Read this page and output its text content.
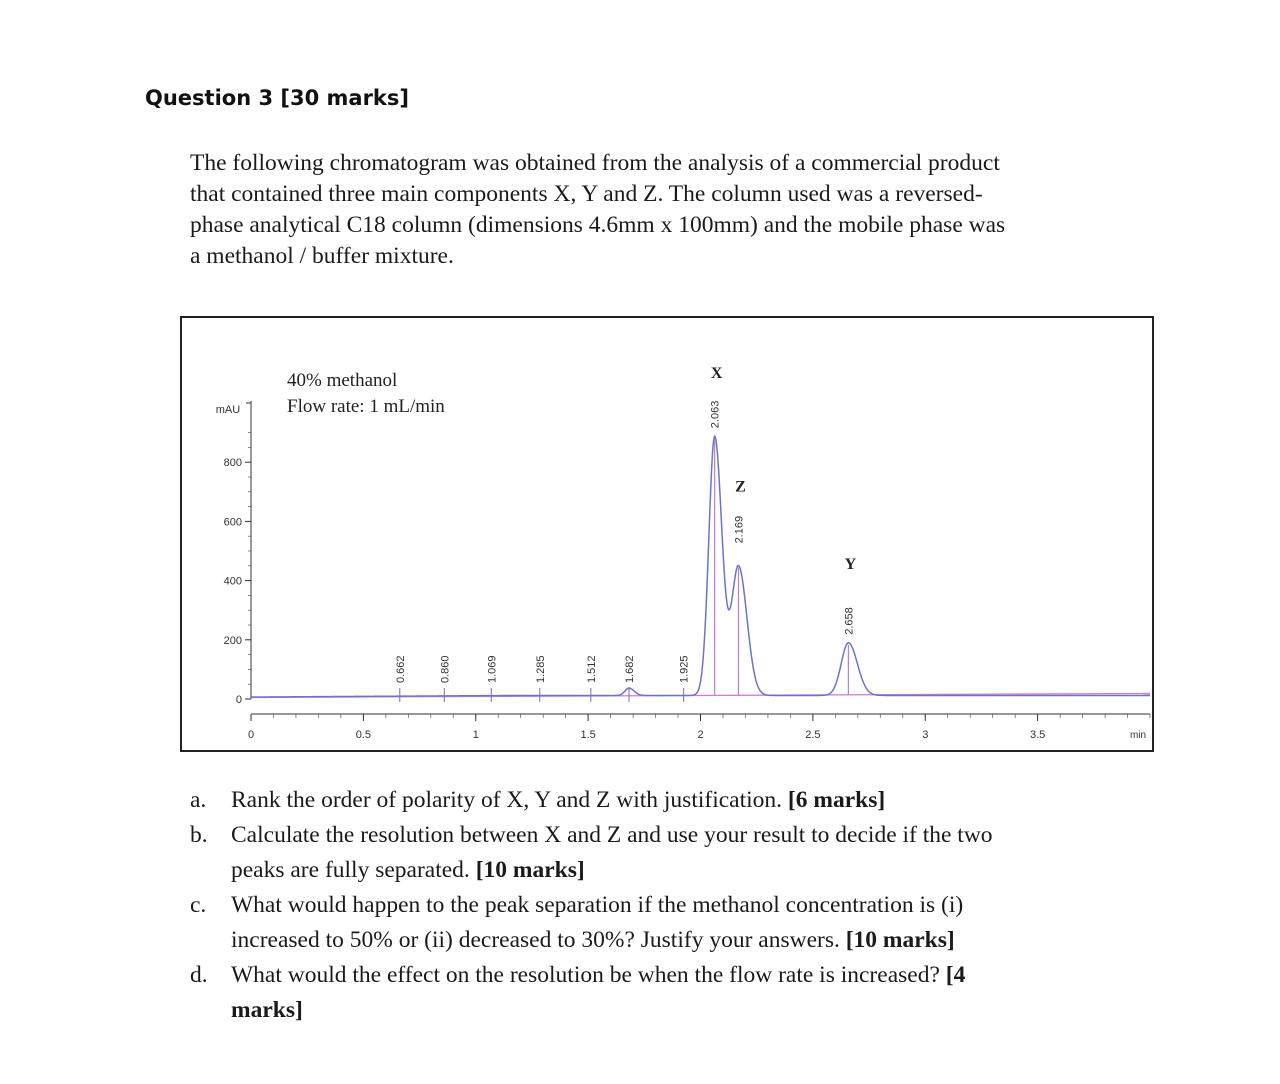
Question 3 [30 marks]
The following chromatogram was obtained from the analysis of a commercial product
that contained three main components X, Y and Z. The column used was a reversed-
phase analytical C18 column (dimensions 4.6mm x 100mm) and the mobile phase was
a methanol / buffer mixture.
mAU
0
200
400
600
800
0	0.5	1	1.5	2	2.5	3	3.5	min
40% methanol
Flow rate: 1 mL/min
0.662	0.860	1.069	1.285	1.512 1.682	1.925
2.063
2.169
2.658
X
Z
Y
a. Rank the order of polarity of X, Y and Z with justification. [6 marks]
b. Calculate the resolution between X and Z and use your result to decide if the two
peaks are fully separated. [10 marks]
c. What would happen to the peak separation if the methanol concentration is (i)
increased to 50% or (ii) decreased to 30%? Justify your answers. [10 marks]
d. What would the effect on the resolution be when the flow rate is increased? [4
marks]
